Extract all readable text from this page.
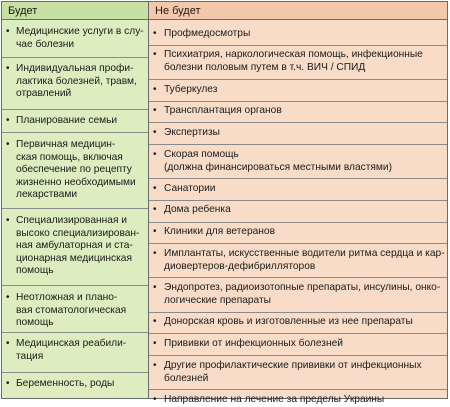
Будет
• Медицинские услуги в слу-
чае болезни
• Индивидуальная профи-
лактика болезней, травм,
отравлений
• Планирование семьи
• Первичная медицин-
ская помощь, включая
обеспечение по рецепту
жизненно необходимыми
лекарствами
• Специализированная и
высоко специализирован-
ная амбулаторная и ста-
ционарная медицинская
помощь
• Неотложная и планo-
вая стоматологическая
помощь
• Медицинская реабили-
тация
• Беременность, роды
Не будет
• Профмедосмотры
• Психиатрия, наркологическая помощь, инфекционные
болезни половым путем в т.ч. ВИЧ / СПИД
• Туберкулез
• Трансплантация органов
• Экспертизы
• Скорая помощь
(должна финансироваться местными властями)
• Санатории
• Дома ребенка
• Клиники для ветеранов
• Имплантаты, искусственные водители ритма сердца и кар-
диовертеров-дефибрилляторов
• Эндопротез, радиоизотопные препараты, инсулины, онко-
логические препараты
• Донорская кровь и изготовленные из нее препараты
• Прививки от инфекционных болезней
• Другие профилактические прививки от инфекционных
болезней
• Направление на лечение за пределы Украины
